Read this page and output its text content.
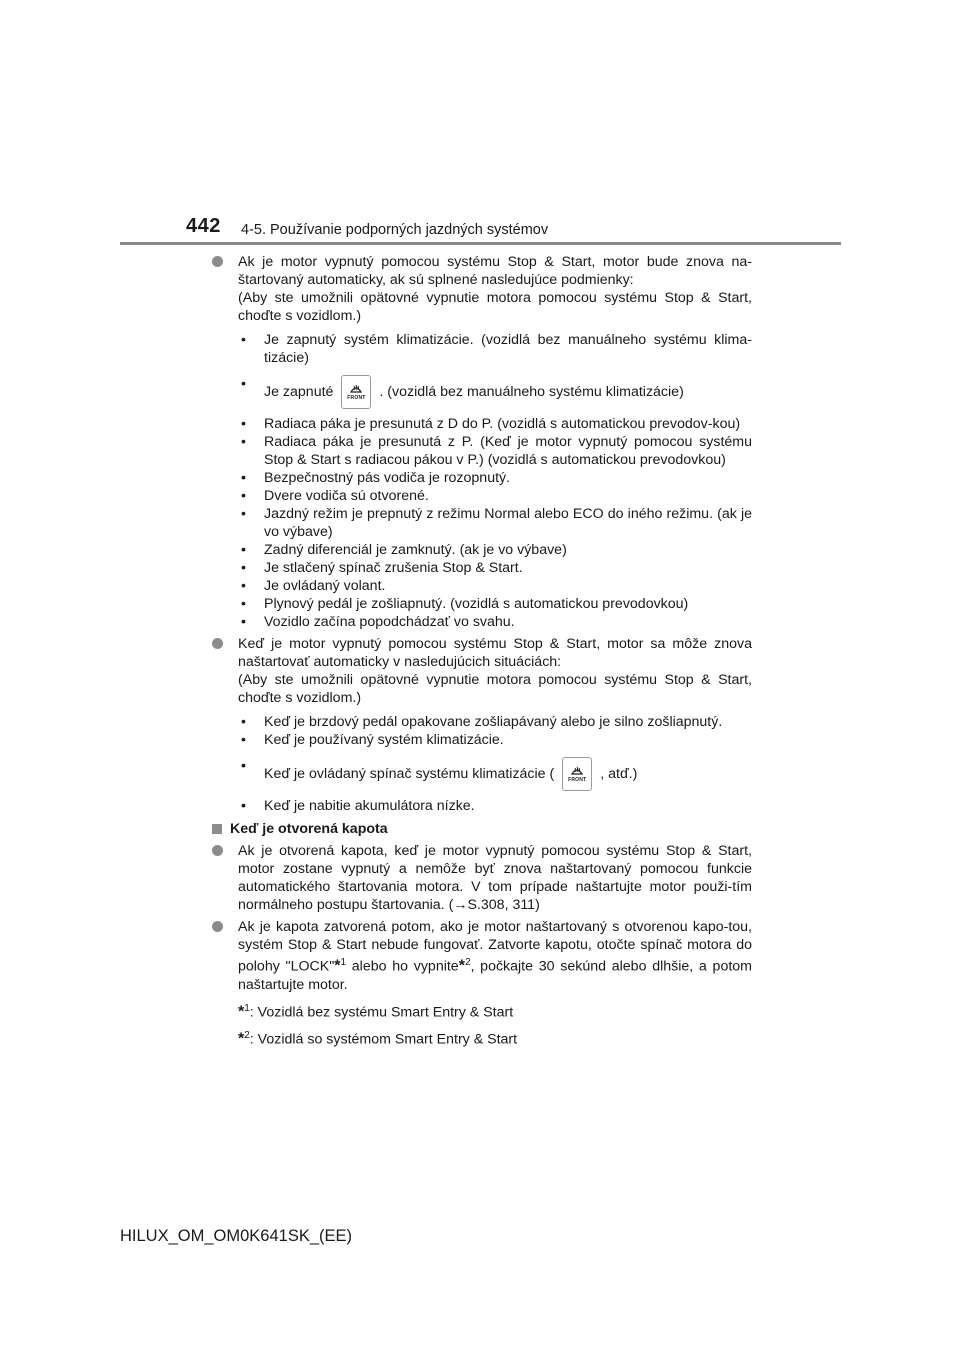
442 4-5. Používanie podporných jazdných systémov
Ak je motor vypnutý pomocou systému Stop & Start, motor bude znova na-štartovaný automaticky, ak sú splnené nasledujúce podmienky:
(Aby ste umožnili opätovné vypnutie motora pomocou systému Stop & Start, choďte s vozidlom.)
• Je zapnutý systém klimatizácie. (vozidlá bez manuálneho systému klima-tizácie)
• Je zapnuté	FRONT . (vozidlá bez manuálneho systému klimatizácie)
• Radiaca páka je presunutá z D do P. (vozidlá s automatickou prevodov-kou)
• Radiaca páka je presunutá z P. (Keď je motor vypnutý pomocou systému Stop & Start s radiacou pákou v P.) (vozidlá s automatickou prevodovkou)
• Bezpečnostný pás vodiča je rozopnutý.
• Dvere vodiča sú otvorené.
• Jazdný režim je prepnutý z režimu Normal alebo ECO do iného režimu. (ak je vo výbave)
• Zadný diferenciál je zamknutý. (ak je vo výbave)
• Je stlačený spínač zrušenia Stop & Start.
• Je ovládaný volant.
• Plynový pedál je zošliapnutý. (vozidlá s automatickou prevodovkou)
• Vozidlo začína popodchádzať vo svahu.
Keď je motor vypnutý pomocou systému Stop & Start, motor sa môže znova naštartovať automaticky v nasledujúcich situáciách:
(Aby ste umožnili opätovné vypnutie motora pomocou systému Stop & Start, choďte s vozidlom.)
• Keď je brzdový pedál opakovane zošliapávaný alebo je silno zošliapnutý.
• Keď je používaný systém klimatizácie.
• Keď je ovládaný spínač systému klimatizácie (	FRONT , atď.)
• Keď je nabitie akumulátora nízke.
Keď je otvorená kapota
Ak je otvorená kapota, keď je motor vypnutý pomocou systému Stop & Start, motor zostane vypnutý a nemôže byť znova naštartovaný pomocou funkcie automatického štartovania motora. V tom prípade naštartujte motor použi-tím normálneho postupu štartovania. (→S.308, 311)
Ak je kapota zatvorená potom, ako je motor naštartovaný s otvorenou kapo-tou, systém Stop & Start nebude fungovať. Zatvorte kapotu, otočte spínač motora do polohy "LOCK"*$^1$ alebo ho vypnite*$^2$, počkajte 30 sekúnd alebo dlhšie, a potom naštartujte motor.
*$^1$: Vozidlá bez systému Smart Entry & Start
*$^2$: Vozidlá so systémom Smart Entry & Start
HILUX_OM_OM0K641SK_(EE)
